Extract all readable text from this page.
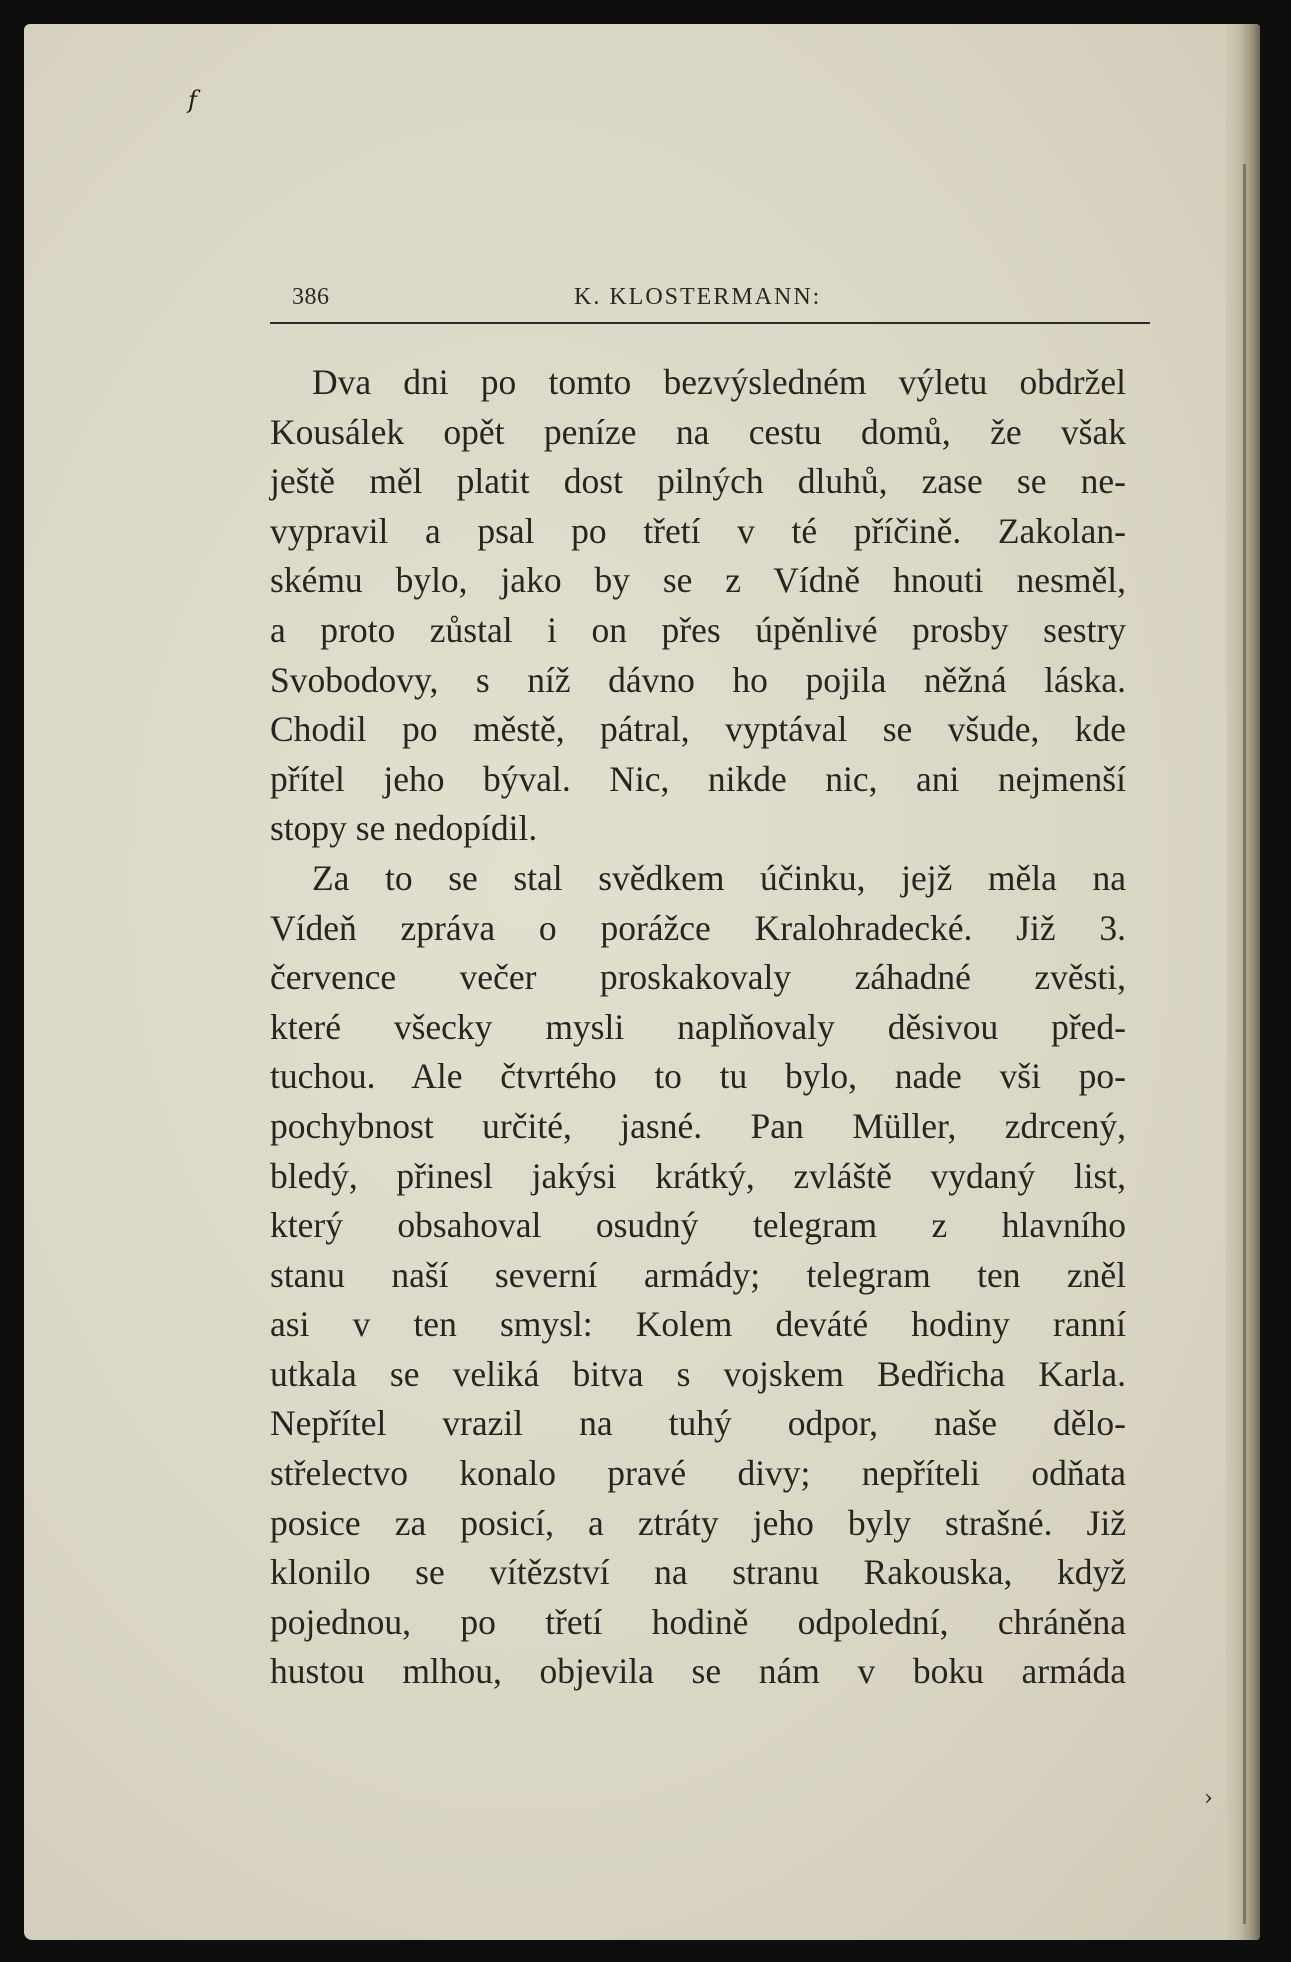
f
›
386	K. KLOSTERMANN:

Dva dni po tomto bezvýsledném výletu obdržel
Kousálek opět peníze na cestu domů, že však
ještě měl platit dost pilných dluhů, zase se ne-
vypravil a psal po třetí v té příčině. Zakolan-
skému bylo, jako by se z Vídně hnouti nesměl,
a proto zůstal i on přes úpěnlivé prosby sestry
Svobodovy, s níž dávno ho pojila něžná láska.
Chodil po městě, pátral, vyptával se všude, kde
přítel jeho býval. Nic, nikde nic, ani nejmenší
stopy se nedopídil.

Za to se stal svědkem účinku, jejž měla na
Vídeň zpráva o porážce Kralohradecké. Již 3.
července večer proskakovaly záhadné zvěsti,
které všecky mysli naplňovaly děsivou před-
tuchou. Ale čtvrtého to tu bylo, nade vši po-
pochybnost určité, jasné. Pan Müller, zdrcený,
bledý, přinesl jakýsi krátký, zvláště vydaný list,
který obsahoval osudný telegram z hlavního
stanu naší severní armády; telegram ten zněl
asi v ten smysl: Kolem deváté hodiny ranní
utkala se veliká bitva s vojskem Bedřicha Karla.
Nepřítel vrazil na tuhý odpor, naše dělo-
střelectvo konalo pravé divy; nepříteli odňata
posice za posicí, a ztráty jeho byly strašné. Již
klonilo se vítězství na stranu Rakouska, když
pojednou, po třetí hodině odpolední, chráněna
hustou mlhou, objevila se nám v boku armáda
